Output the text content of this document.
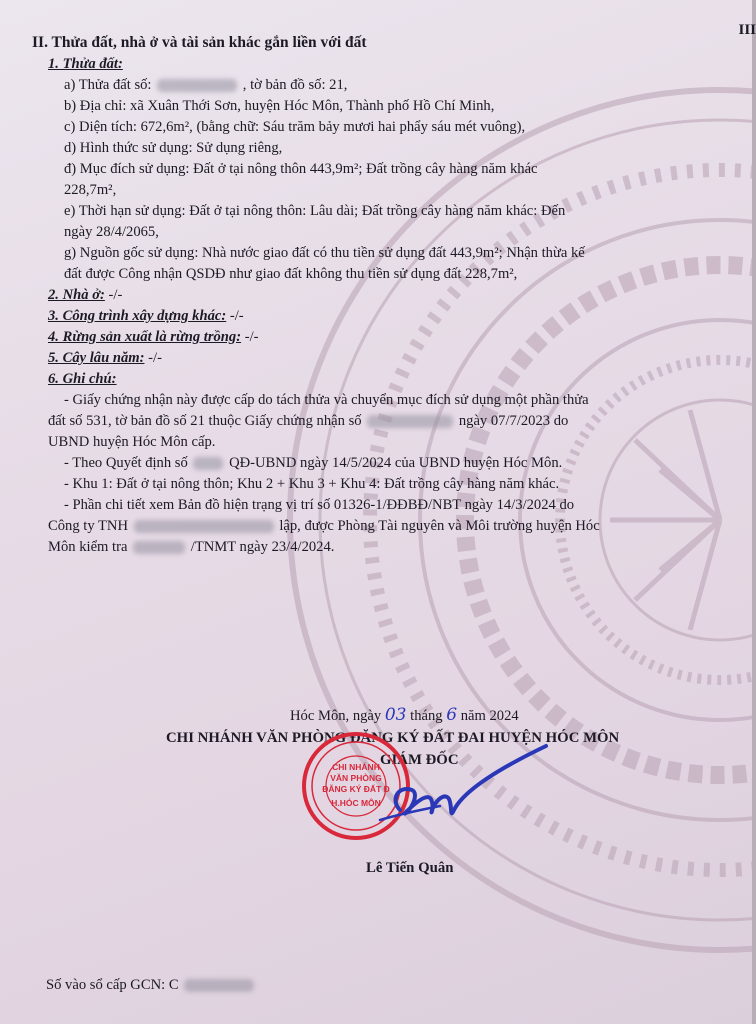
III
II. Thửa đất, nhà ở và tài sản khác gắn liền với đất
1. Thửa đất:
a) Thửa đất số:	, tờ bản đồ số: 21,
b) Địa chỉ: xã Xuân Thới Sơn, huyện Hóc Môn, Thành phố Hồ Chí Minh,
c) Diện tích: 672,6m², (bằng chữ: Sáu trăm bảy mươi hai phẩy sáu mét vuông),
d) Hình thức sử dụng: Sử dụng riêng,
đ) Mục đích sử dụng: Đất ở tại nông thôn 443,9m²; Đất trồng cây hàng năm khác
228,7m²,
e) Thời hạn sử dụng: Đất ở tại nông thôn: Lâu dài; Đất trồng cây hàng năm khác: Đến
ngày 28/4/2065,
g) Nguồn gốc sử dụng: Nhà nước giao đất có thu tiền sử dụng đất 443,9m²; Nhận thừa kế
đất được Công nhận QSDĐ như giao đất không thu tiền sử dụng đất 228,7m²,
2. Nhà ở: -/-
3. Công trình xây dựng khác: -/-
4. Rừng sản xuất là rừng trồng: -/-
5. Cây lâu năm: -/-
6. Ghi chú:
- Giấy chứng nhận này được cấp do tách thửa và chuyển mục đích sử dụng một phần thửa
đất số 531, tờ bản đồ số 21 thuộc Giấy chứng nhận số	ngày 07/7/2023 do
UBND huyện Hóc Môn cấp.
- Theo Quyết định số	QĐ-UBND ngày 14/5/2024 của UBND huyện Hóc Môn.
- Khu 1: Đất ở tại nông thôn; Khu 2 + Khu 3 + Khu 4: Đất trồng cây hàng năm khác.
- Phần chi tiết xem Bản đồ hiện trạng vị trí số 01326-1/ĐĐBĐ/NBT ngày 14/3/2024 do
Công ty TNH	lập, được Phòng Tài nguyên và Môi trường huyện Hóc
Môn kiểm tra	/TNMT ngày 23/4/2024.
Hóc Môn, ngày 03 tháng 6 năm 2024
CHI NHÁNH VĂN PHÒNG ĐĂNG KÝ ĐẤT ĐAI HUYỆN HÓC MÔN
GIÁM ĐỐC
CHI NHÁNH
VĂN PHÒNG
ĐĂNG KÝ ĐẤT Đ
H.HÓC MÔN
Lê Tiến Quân
Số vào sổ cấp GCN: C
